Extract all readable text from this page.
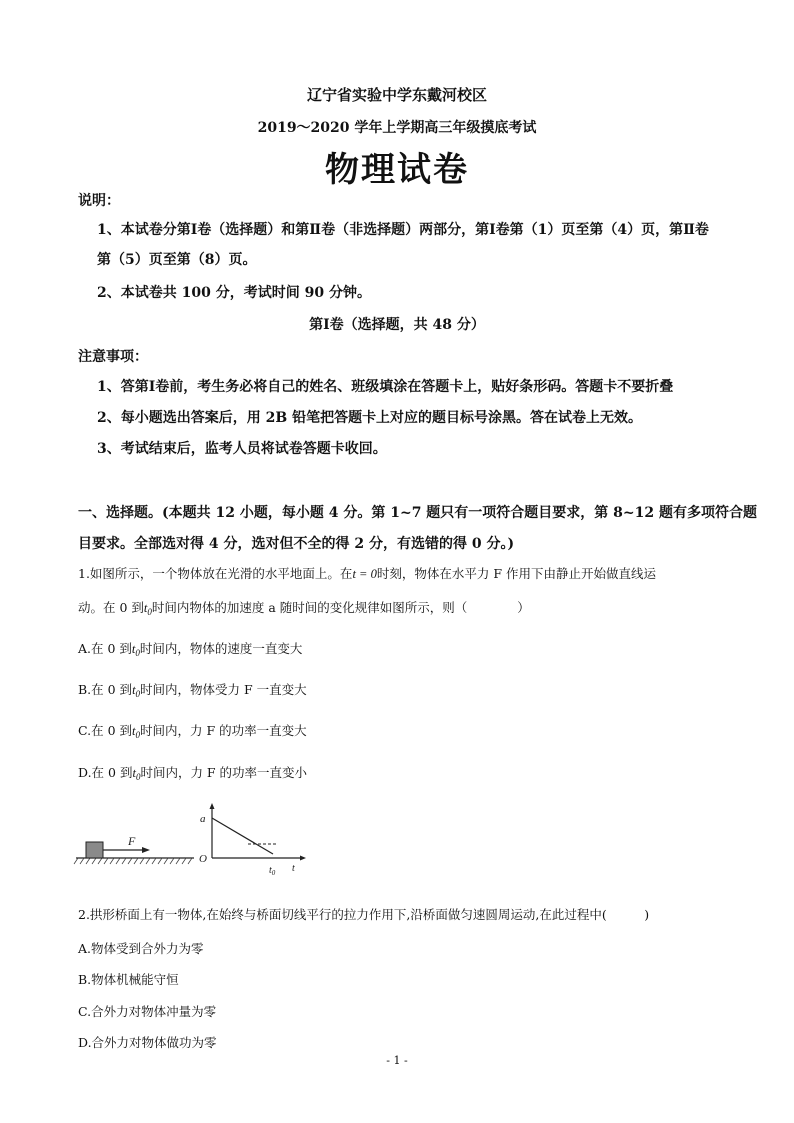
辽宁省实验中学东戴河校区
2019～2020 学年上学期高三年级摸底考试
物理试卷
说明：
1、本试卷分第Ⅰ卷（选择题）和第Ⅱ卷（非选择题）两部分，第Ⅰ卷第（1）页至第（4）页，第Ⅱ卷
第（5）页至第（8）页。
2、本试卷共 100 分，考试时间 90 分钟。
第Ⅰ卷（选择题，共 48 分）
注意事项：
1、答第Ⅰ卷前，考生务必将自己的姓名、班级填涂在答题卡上，贴好条形码。答题卡不要折叠
2、每小题选出答案后，用 2B 铅笔把答题卡上对应的题目标号涂黑。答在试卷上无效。
3、考试结束后，监考人员将试卷答题卡收回。
一、选择题。(本题共 12 小题，每小题 4 分。第 1~7 题只有一项符合题目要求，第 8~12 题有多项符合题
目要求。全部选对得 4 分，选对但不全的得 2 分，有选错的得 0 分。)
1.如图所示，一个物体放在光滑的水平地面上。在t = 0时刻，物体在水平力 F 作用下由静止开始做直线运
动。在 0 到$t_0$时间内物体的加速度 a 随时间的变化规律如图所示，则（　　　　）
A.在 0 到$t_0$时间内，物体的速度一直变大
B.在 0 到$t_0$时间内，物体受力 F 一直变大
C.在 0 到$t_0$时间内，力 F 的功率一直变大
D.在 0 到$t_0$时间内，力 F 的功率一直变小
F
a
O
$t_0$ t
2.拱形桥面上有一物体,在始终与桥面切线平行的拉力作用下,沿桥面做匀速圆周运动,在此过程中(　　　)
A.物体受到合外力为零
B.物体机械能守恒
C.合外力对物体冲量为零
D.合外力对物体做功为零
- 1 -
